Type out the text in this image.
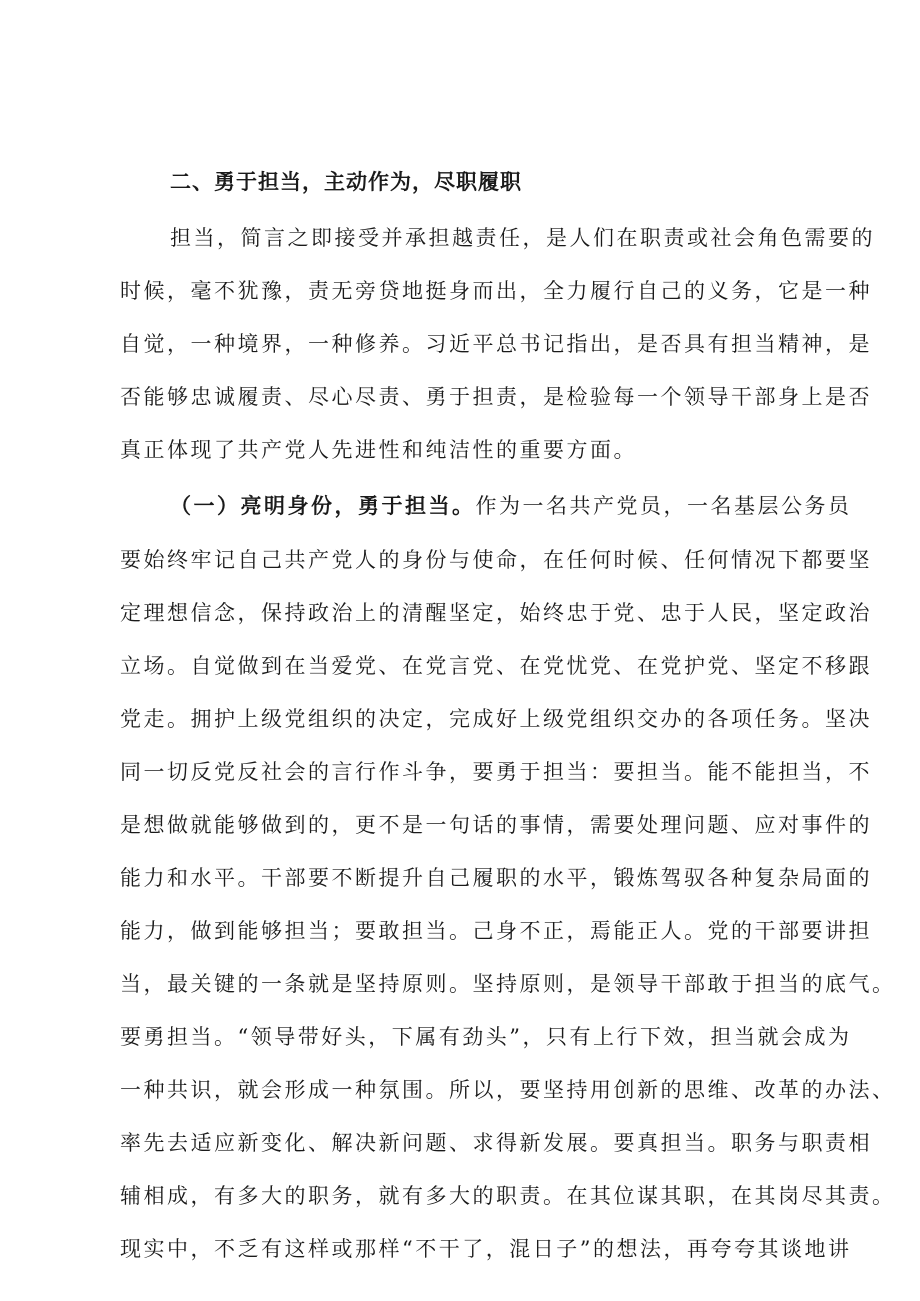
二、勇于担当，主动作为，尽职履职
担当，简言之即接受并承担越责任，是人们在职责或社会角色需要的
时候，毫不犹豫，责无旁贷地挺身而出，全力履行自己的义务，它是一种
自觉，一种境界，一种修养。习近平总书记指出，是否具有担当精神，是
否能够忠诚履责、尽心尽责、勇于担责，是检验每一个领导干部身上是否
真正体现了共产党人先进性和纯洁性的重要方面。
（一）亮明身份，勇于担当。作为一名共产党员，一名基层公务员
要始终牢记自己共产党人的身份与使命，在任何时候、任何情况下都要坚
定理想信念，保持政治上的清醒坚定，始终忠于党、忠于人民，坚定政治
立场。自觉做到在当爱党、在党言党、在党忧党、在党护党、坚定不移跟
党走。拥护上级党组织的决定，完成好上级党组织交办的各项任务。坚决
同一切反党反社会的言行作斗争，要勇于担当：要担当。能不能担当，不
是想做就能够做到的，更不是一句话的事情，需要处理问题、应对事件的
能力和水平。干部要不断提升自己履职的水平，锻炼驾驭各种复杂局面的
能力，做到能够担当；要敢担当。己身不正，焉能正人。党的干部要讲担
当，最关键的一条就是坚持原则。坚持原则，是领导干部敢于担当的底气。
要勇担当。“领导带好头，下属有劲头”，只有上行下效，担当就会成为
一种共识，就会形成一种氛围。所以，要坚持用创新的思维、改革的办法、
率先去适应新变化、解决新问题、求得新发展。要真担当。职务与职责相
辅相成，有多大的职务，就有多大的职责。在其位谋其职，在其岗尽其责。
现实中，不乏有这样或那样“不干了，混日子”的想法，再夸夸其谈地讲
